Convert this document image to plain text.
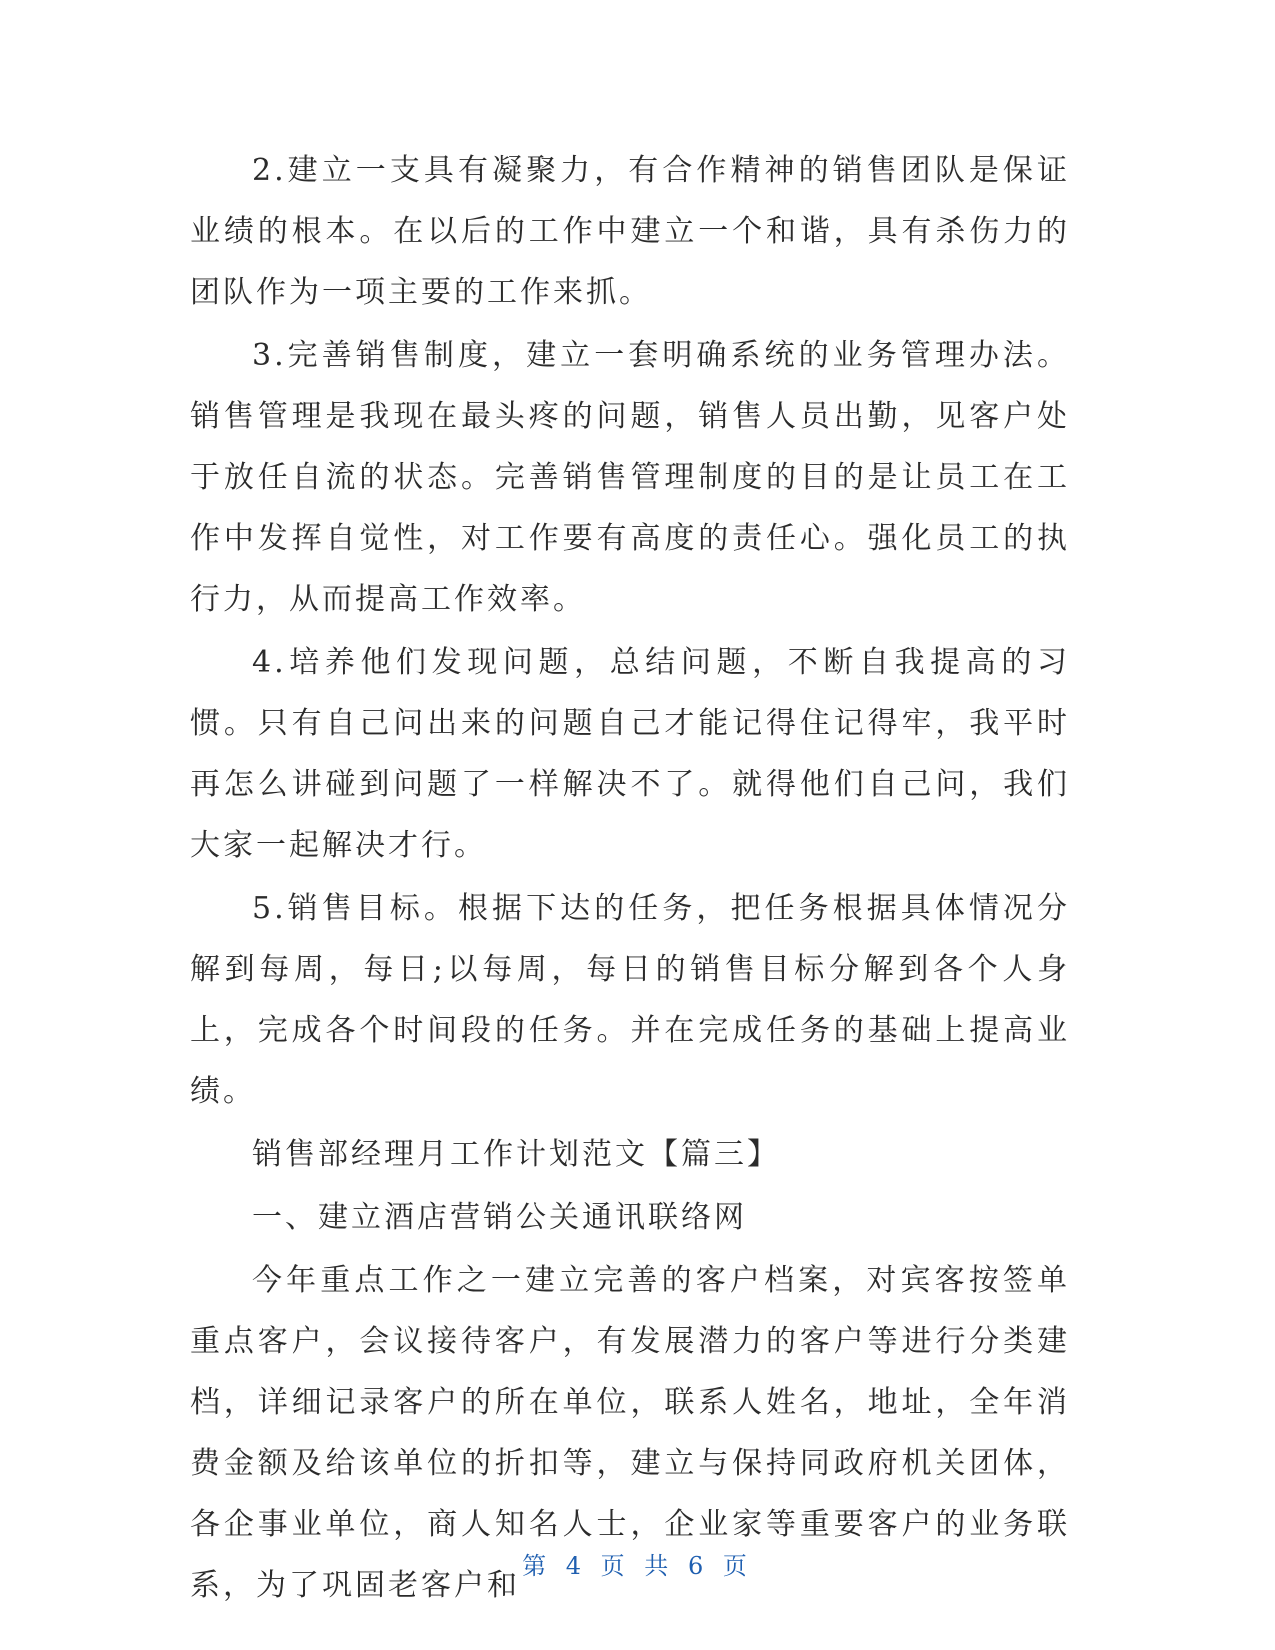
2.建立一支具有凝聚力，有合作精神的销售团队是保证业绩的根本。在以后的工作中建立一个和谐，具有杀伤力的团队作为一项主要的工作来抓。

3.完善销售制度，建立一套明确系统的业务管理办法。销售管理是我现在最头疼的问题，销售人员出勤，见客户处于放任自流的状态。完善销售管理制度的目的是让员工在工作中发挥自觉性，对工作要有高度的责任心。强化员工的执行力，从而提高工作效率。

4.培养他们发现问题，总结问题，不断自我提高的习惯。只有自己问出来的问题自己才能记得住记得牢，我平时再怎么讲碰到问题了一样解决不了。就得他们自己问，我们大家一起解决才行。

5.销售目标。根据下达的任务，把任务根据具体情况分解到每周，每日;以每周，每日的销售目标分解到各个人身上，完成各个时间段的任务。并在完成任务的基础上提高业绩。

销售部经理月工作计划范文【篇三】

一、建立酒店营销公关通讯联络网

今年重点工作之一建立完善的客户档案，对宾客按签单重点客户，会议接待客户，有发展潜力的客户等进行分类建档，详细记录客户的所在单位，联系人姓名，地址，全年消费金额及给该单位的折扣等，建立与保持同政府机关团体，各企事业单位，商人知名人士，企业家等重要客户的业务联系，为了巩固老客户和

第 4 页 共 6 页
